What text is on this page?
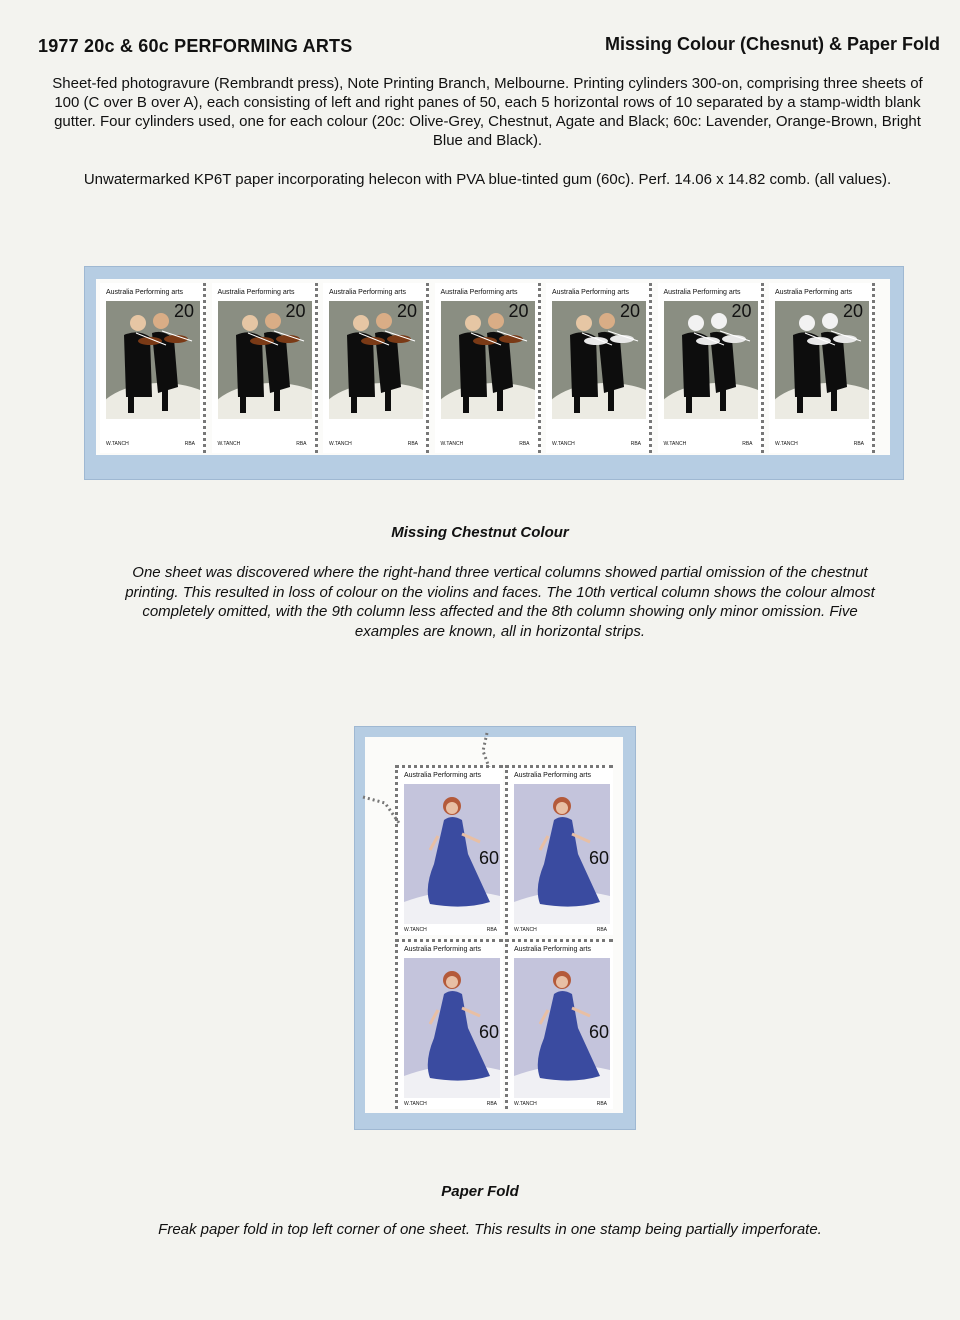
1977 20c & 60c PERFORMING ARTS	Missing Colour (Chesnut) & Paper Fold
Sheet-fed photogravure (Rembrandt press), Note Printing Branch, Melbourne. Printing cylinders 300-on, comprising three sheets of 100 (C over B over A), each consisting of left and right panes of 50, each 5 horizontal rows of 10 separated by a stamp-width blank gutter. Four cylinders used, one for each colour (20c: Olive-Grey, Chestnut, Agate and Black; 60c: Lavender, Orange-Brown, Bright Blue and Black).
Unwatermarked KP6T paper incorporating helecon with PVA blue-tinted gum (60c). Perf. 14.06 x 14.82 comb. (all values).
Australia Performing arts
20
W.TANCH	RBA
Australia Performing arts
20
W.TANCH	RBA
Australia Performing arts
20
W.TANCH	RBA
Australia Performing arts
20
W.TANCH	RBA
Australia Performing arts
20
W.TANCH	RBA
Australia Performing arts
20
W.TANCH	RBA
Australia Performing arts
20
W.TANCH	RBA
Missing Chestnut Colour
One sheet was discovered where the right-hand three vertical columns showed partial omission of the chestnut printing. This resulted in loss of colour on the violins and faces. The 10th vertical column shows the colour almost completely omitted, with the 9th column less affected and the 8th column showing only minor omission. Five examples are known, all in horizontal strips.
Australia Performing arts
60
W.TANCH	RBA
Australia Performing arts
60
W.TANCH	RBA
Australia Performing arts
60
W.TANCH	RBA
Australia Performing arts
60
W.TANCH	RBA
Paper Fold
Freak paper fold in top left corner of one sheet. This results in one stamp being partially imperforate.
